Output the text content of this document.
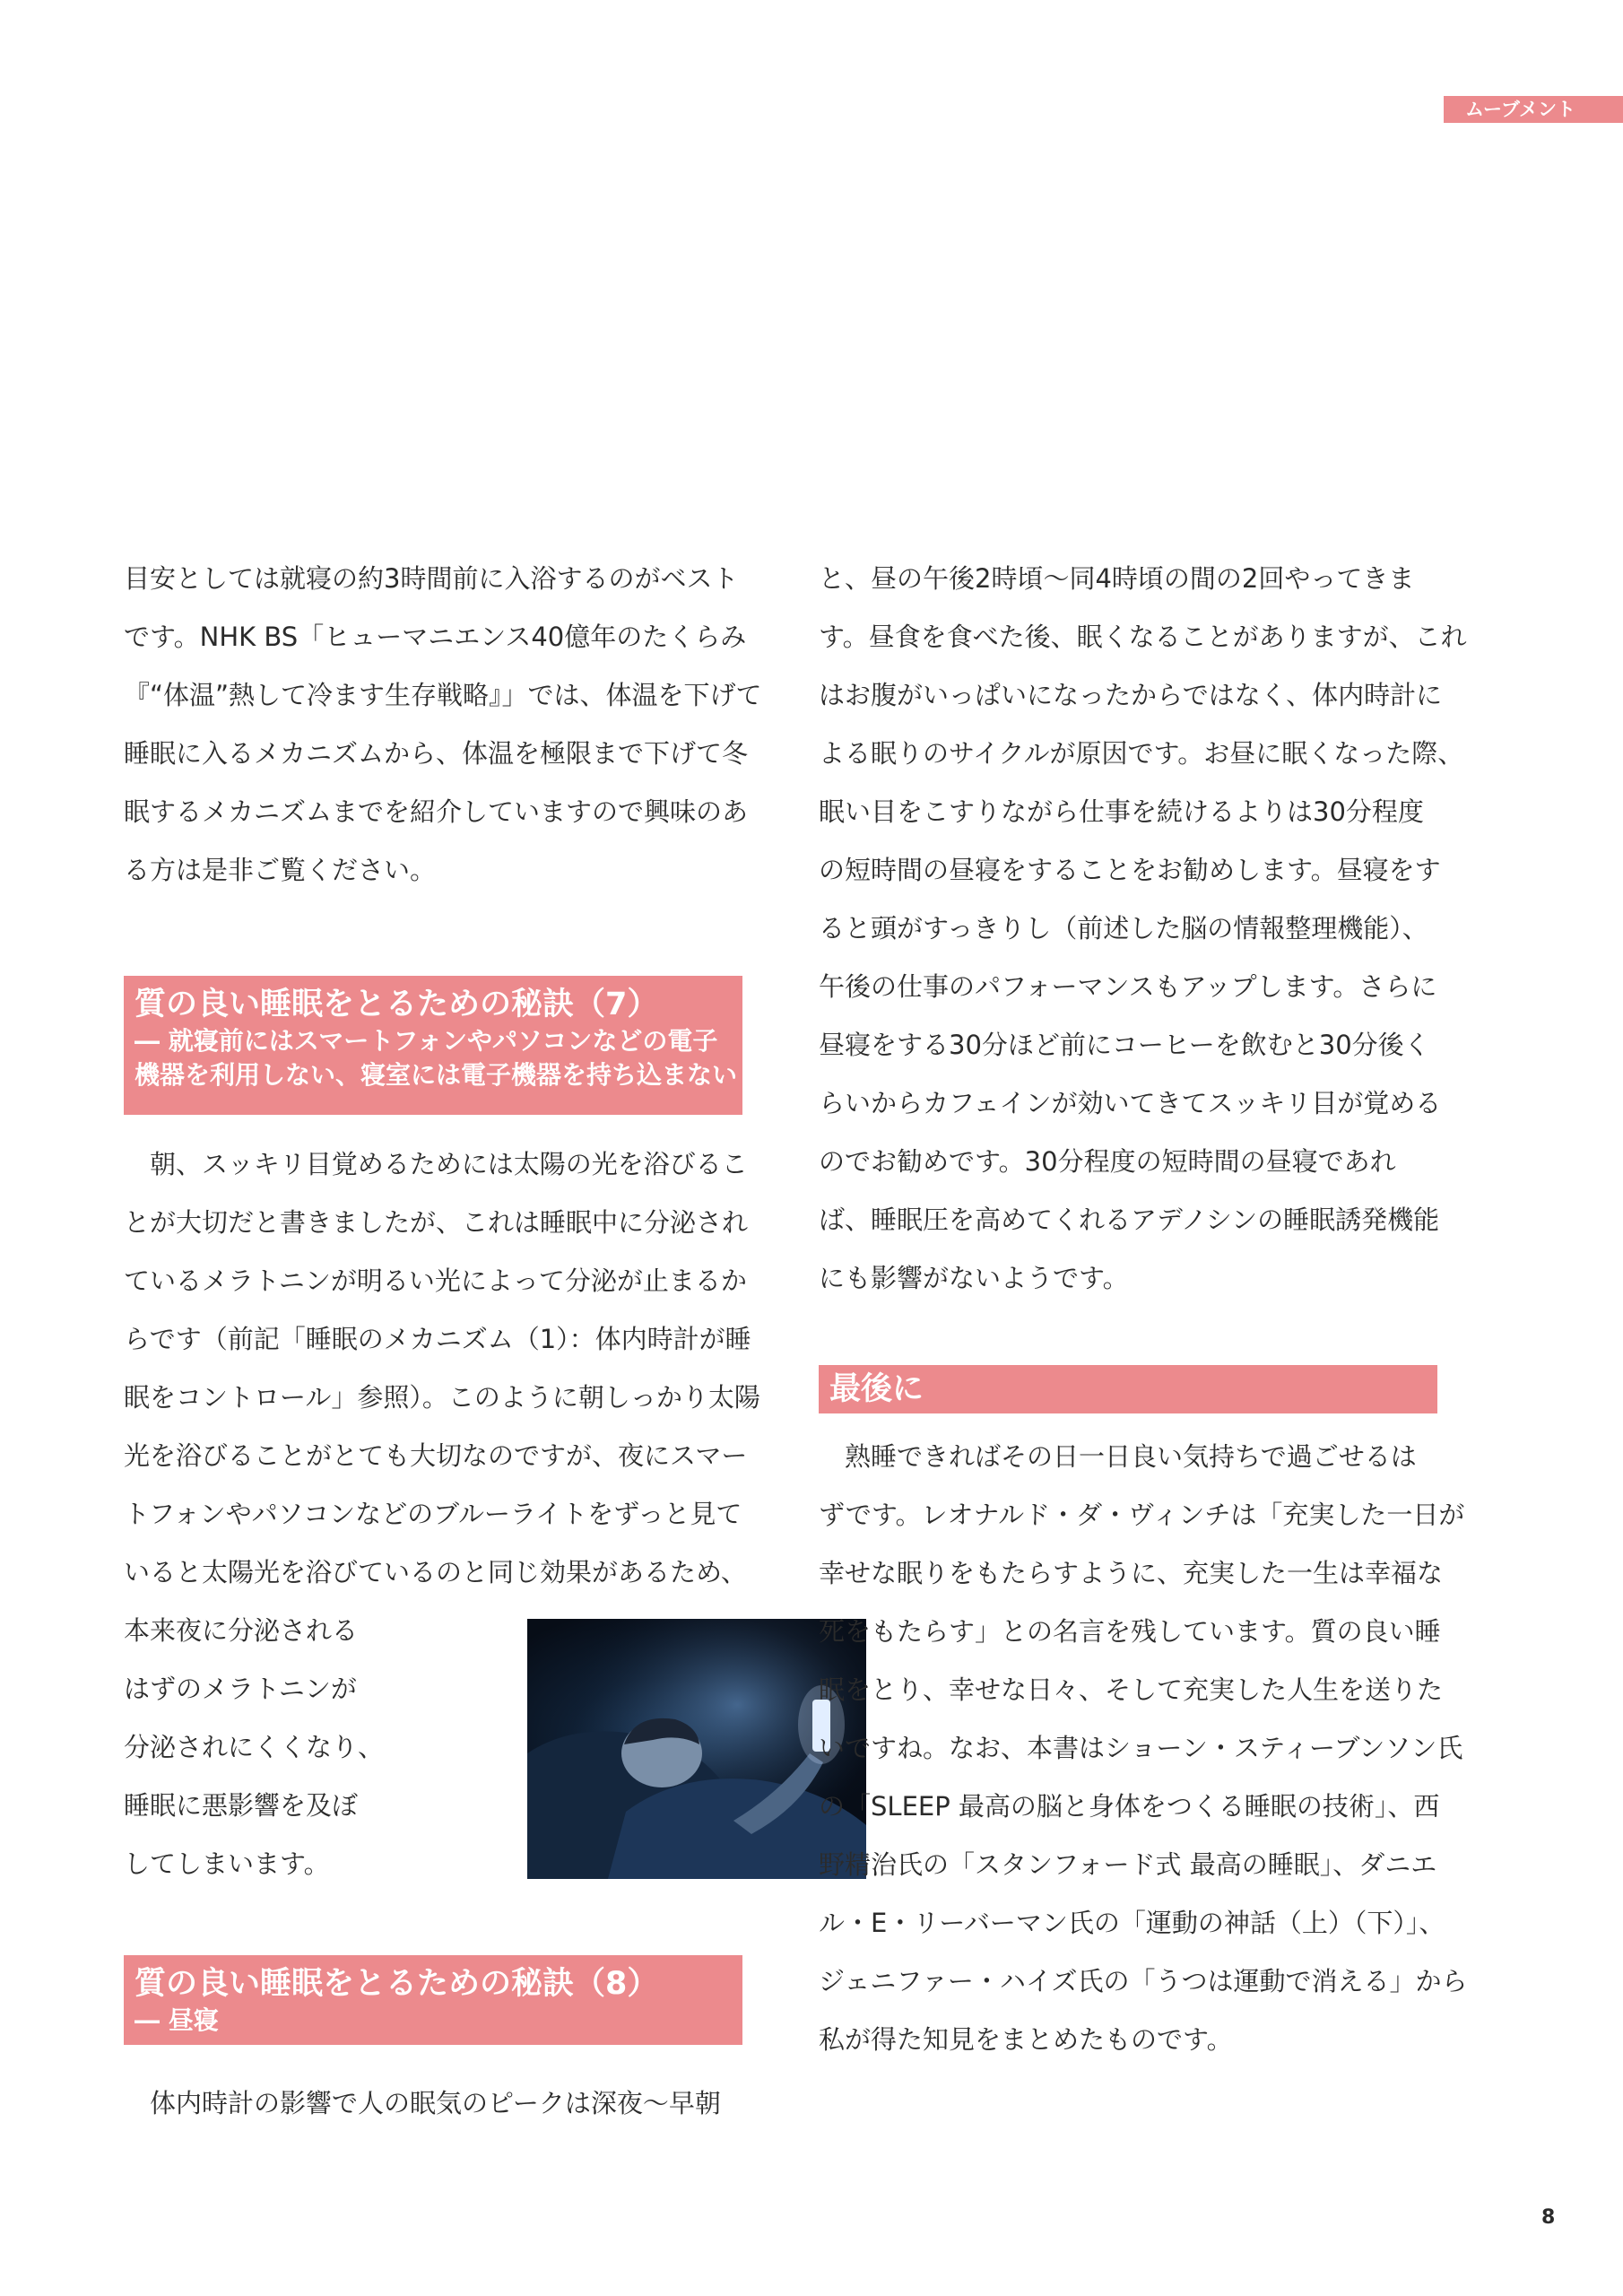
ムーブメント
目安としては就寝の約3時間前に入浴するのがベスト
です。NHK BS「ヒューマニエンス40億年のたくらみ
『“体温”熱して冷ます生存戦略』」では、体温を下げて
睡眠に入るメカニズムから、体温を極限まで下げて冬
眠するメカニズムまでを紹介していますので興味のあ
る方は是非ご覧ください。
質の良い睡眠をとるための秘訣（7）
― 就寝前にはスマートフォンやパソコンなどの電子
機器を利用しない、寝室には電子機器を持ち込まない
　朝、スッキリ目覚めるためには太陽の光を浴びるこ
とが大切だと書きましたが、これは睡眠中に分泌され
ているメラトニンが明るい光によって分泌が止まるか
らです（前記「睡眠のメカニズム（1）：体内時計が睡
眠をコントロール」参照）。このように朝しっかり太陽
光を浴びることがとても大切なのですが、夜にスマー
トフォンやパソコンなどのブルーライトをずっと見て
いると太陽光を浴びているのと同じ効果があるため、
本来夜に分泌される
はずのメラトニンが
分泌されにくくなり、
睡眠に悪影響を及ぼ
してしまいます。
質の良い睡眠をとるための秘訣（8）
― 昼寝
　体内時計の影響で人の眠気のピークは深夜〜早朝
と、昼の午後2時頃〜同4時頃の間の2回やってきま
す。昼食を食べた後、眠くなることがありますが、これ
はお腹がいっぱいになったからではなく、体内時計に
よる眠りのサイクルが原因です。お昼に眠くなった際、
眠い目をこすりながら仕事を続けるよりは30分程度
の短時間の昼寝をすることをお勧めします。昼寝をす
ると頭がすっきりし（前述した脳の情報整理機能）、
午後の仕事のパフォーマンスもアップします。さらに
昼寝をする30分ほど前にコーヒーを飲むと30分後く
らいからカフェインが効いてきてスッキリ目が覚める
のでお勧めです。30分程度の短時間の昼寝であれ
ば、睡眠圧を高めてくれるアデノシンの睡眠誘発機能
にも影響がないようです。
最後に
　熟睡できればその日一日良い気持ちで過ごせるは
ずです。レオナルド・ダ・ヴィンチは「充実した一日が
幸せな眠りをもたらすように、充実した一生は幸福な
死をもたらす」との名言を残しています。質の良い睡
眠をとり、幸せな日々、そして充実した人生を送りた
いですね。なお、本書はショーン・スティーブンソン氏
の「SLEEP 最高の脳と身体をつくる睡眠の技術」、西
野精治氏の「スタンフォード式 最高の睡眠」、ダニエ
ル・E・リーバーマン氏の「運動の神話（上）（下）」、
ジェニファー・ハイズ氏の「うつは運動で消える」から
私が得た知見をまとめたものです。
8
